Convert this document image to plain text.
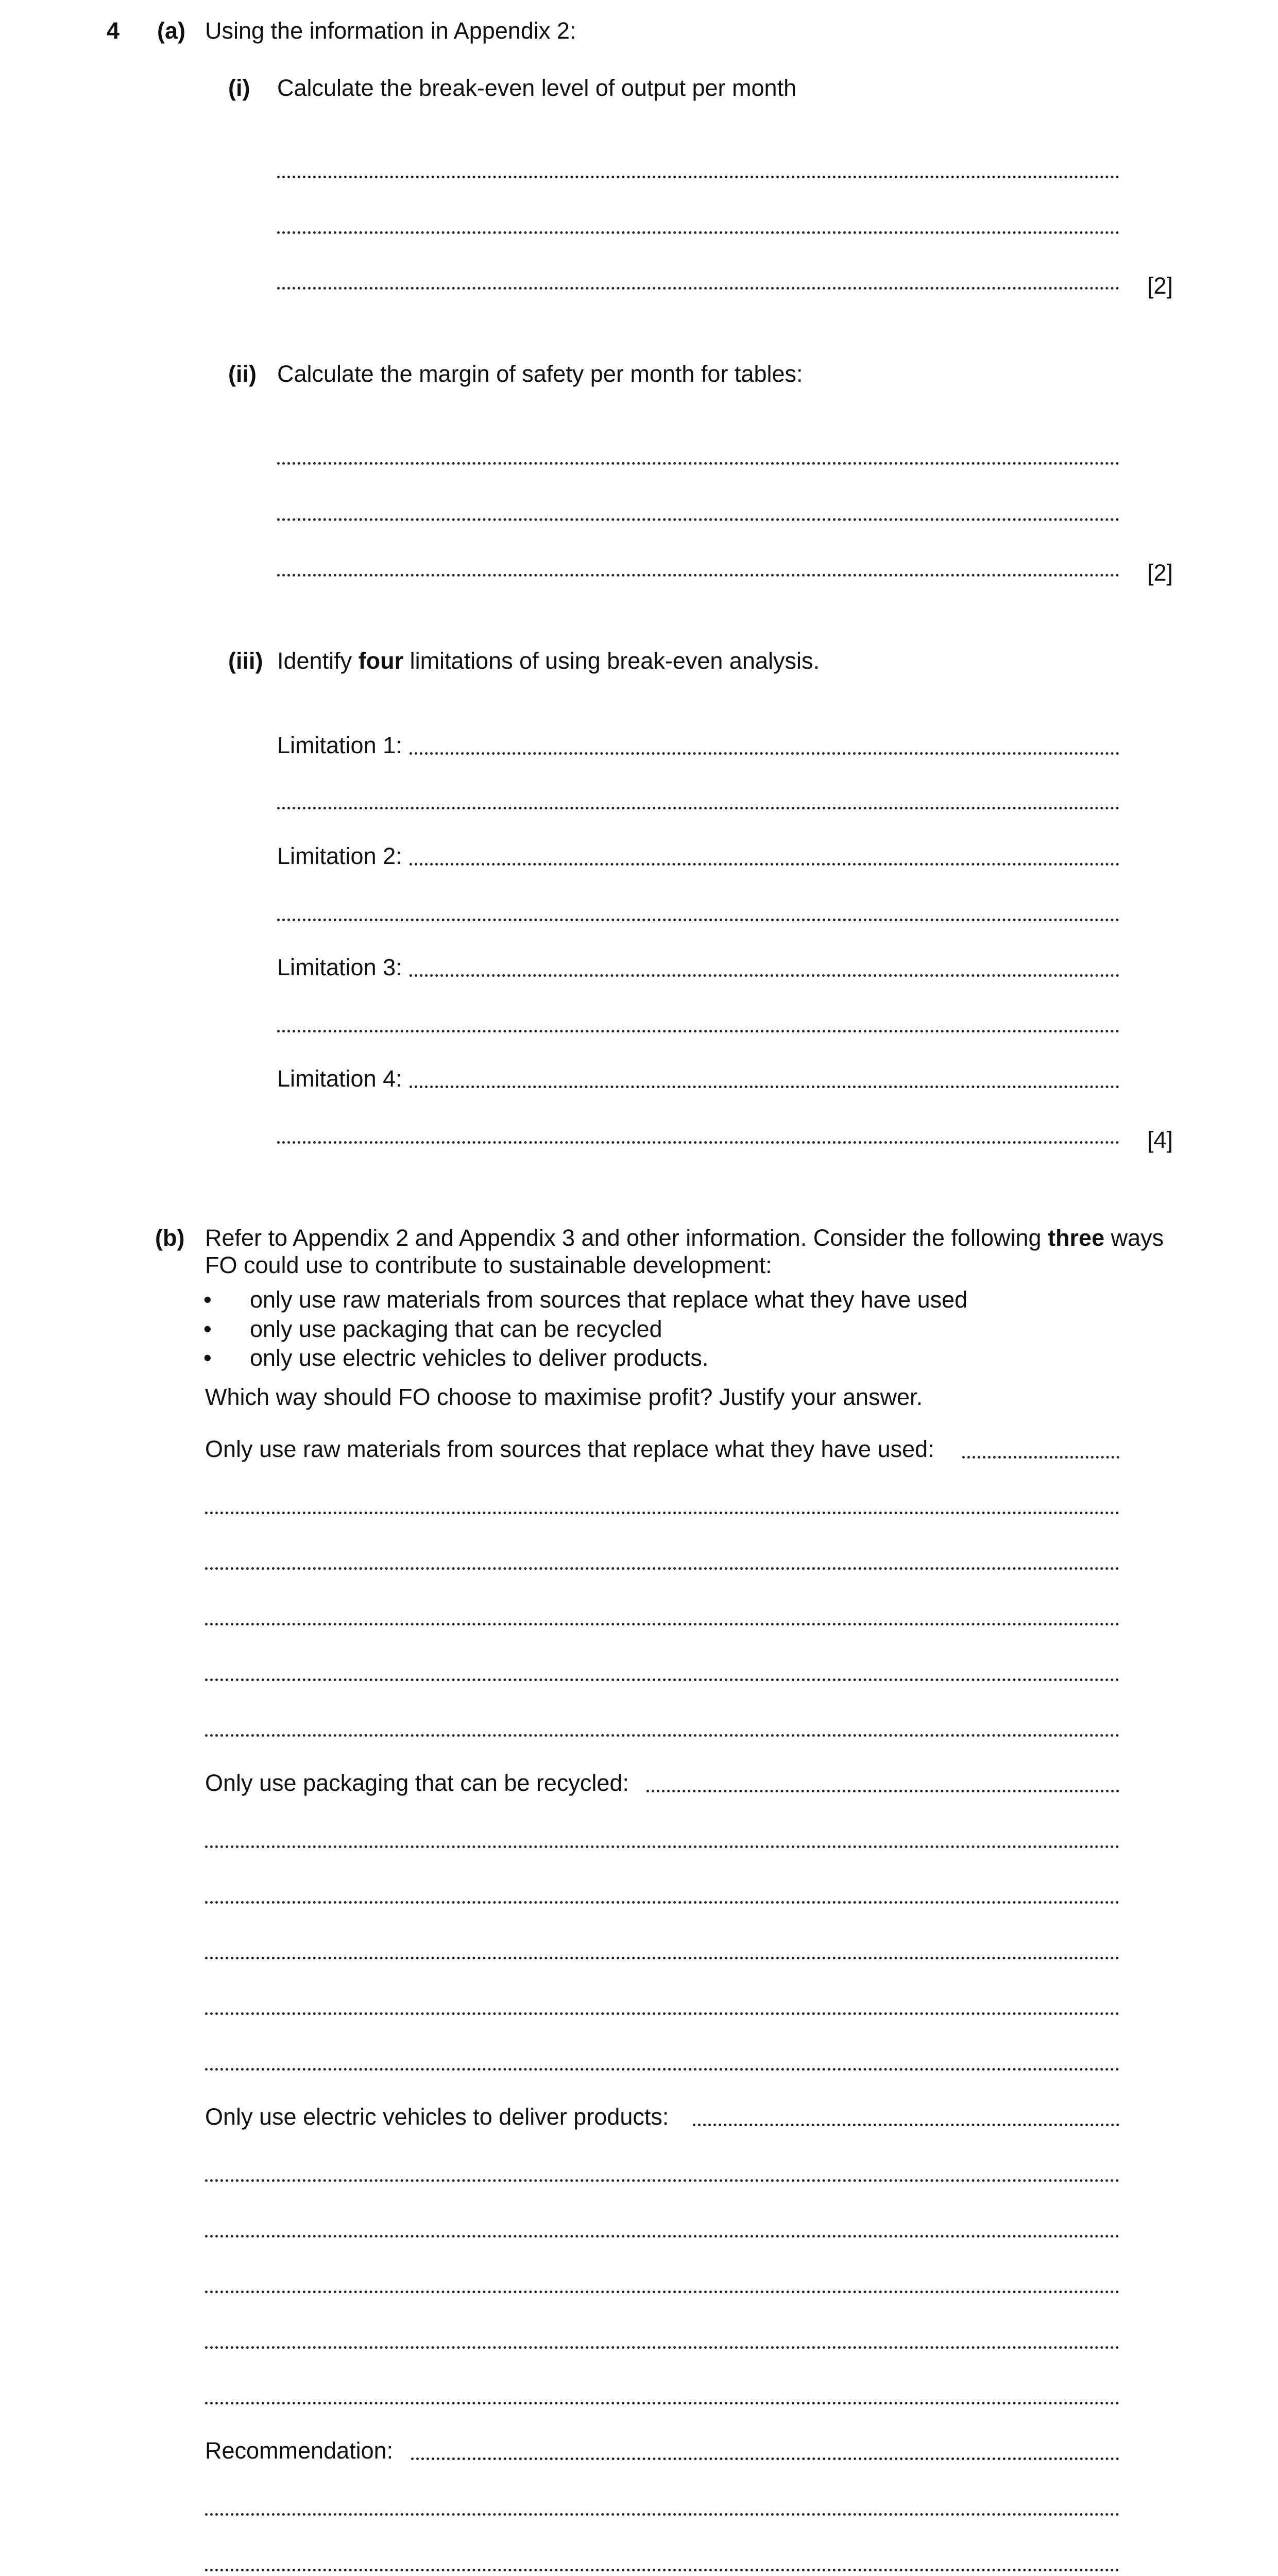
4 (a) Using the information in Appendix 2:
(i) Calculate the break-even level of output per month
[2]
(ii) Calculate the margin of safety per month for tables:
[2]
(iii) Identify four limitations of using break-even analysis.
Limitation 1:
Limitation 2:
Limitation 3:
Limitation 4:
[4]
(b) Refer to Appendix 2 and Appendix 3 and other information. Consider the following three ways
FO could use to contribute to sustainable development:
• only use raw materials from sources that replace what they have used
• only use packaging that can be recycled
• only use electric vehicles to deliver products.
Which way should FO choose to maximise profit? Justify your answer.
Only use raw materials from sources that replace what they have used:
Only use packaging that can be recycled:
Only use electric vehicles to deliver products:
Recommendation:
